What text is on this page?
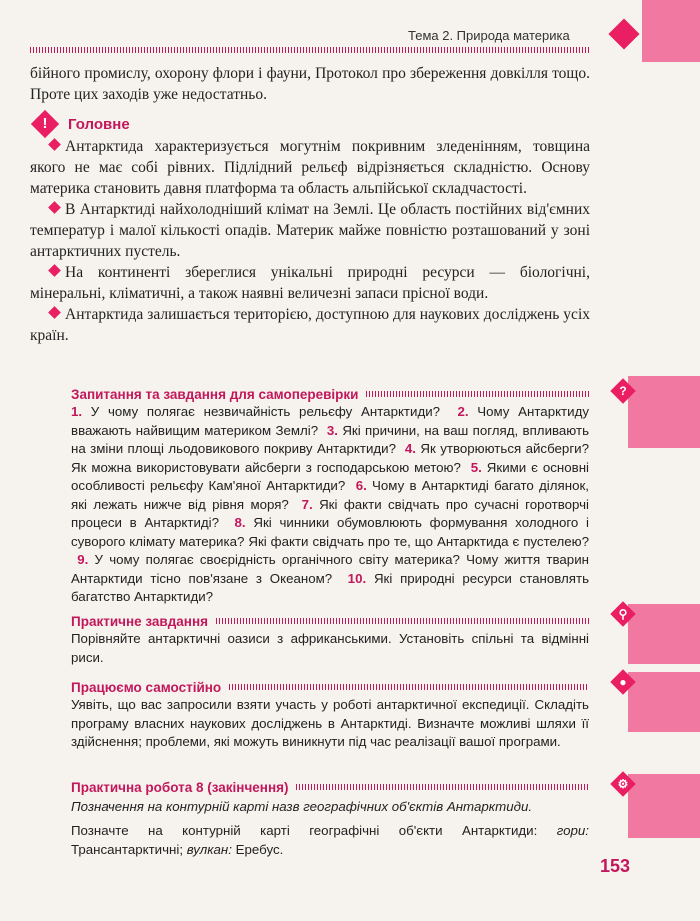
?
⚲
●
⚙
Тема 2. Природа материка
бійного промислу, охорону флори і фауни, Протокол про збереження довкілля тощо. Проте цих заходів уже недостатньо.
!	Головне

Антарктида характеризується могутнім покривним зледенінням, товщина якого не має собі рівних. Підлідний рельєф відрізняється складністю. Основу материка становить давня платформа та область альпійської складчастості.

В Антарктиді найхолодніший клімат на Землі. Це область постійних від'ємних температур і малої кількості опадів. Материк майже повністю розташований у зоні антарктичних пустель.

На континенті збереглися унікальні природні ресурси — біологічні, мінеральні, кліматичні, а також наявні величезні запаси прісної води.

Антарктида залишається територією, доступною для наукових досліджень усіх країн.

Запитання та завдання для самоперевірки

1. У чому полягає незвичайність рельєфу Антарктиди? 2. Чому Антарктиду вважають найвищим материком Землі? 3. Які причини, на ваш погляд, впливають на зміни площі льодовикового покриву Антарктиди? 4. Як утворюються айсберги? Як можна використовувати айсберги з господарською метою? 5. Якими є основні особливості рельєфу Кам'яної Антарктиди? 6. Чому в Антарктиді багато ділянок, які лежать нижче від рівня моря? 7. Які факти свідчать про сучасні горотворчі процеси в Антарктиді? 8. Які чинники обумовлюють формування холодного і суворого клімату материка? Які факти свідчать про те, що Антарктида є пустелею?  9. У чому полягає своєрідність органічного світу материка? Чому життя тварин Антарктиди тісно пов'язане з Океаном? 10. Які природні ресурси становлять багатство Антарктиди?

Практичне завдання
Порівняйте антарктичні оазиси з африканськими. Установіть спільні та відмінні риси.
Працюємо самостійно
Уявіть, що вас запросили взяти участь у роботі антарктичної експедиції. Складіть програму власних наукових досліджень в Антарктиді. Визначте можливі шляхи її здійснення; проблеми, які можуть виникнути під час реалізації вашої програми.
Практична робота 8 (закінчення)
Позначення на контурній карті назв географічних об'єктів Антарктиди.
Позначте на контурній карті географічні об'єкти Антарктиди: гори: Трансантарктичні; вулкан: Еребус.
153
